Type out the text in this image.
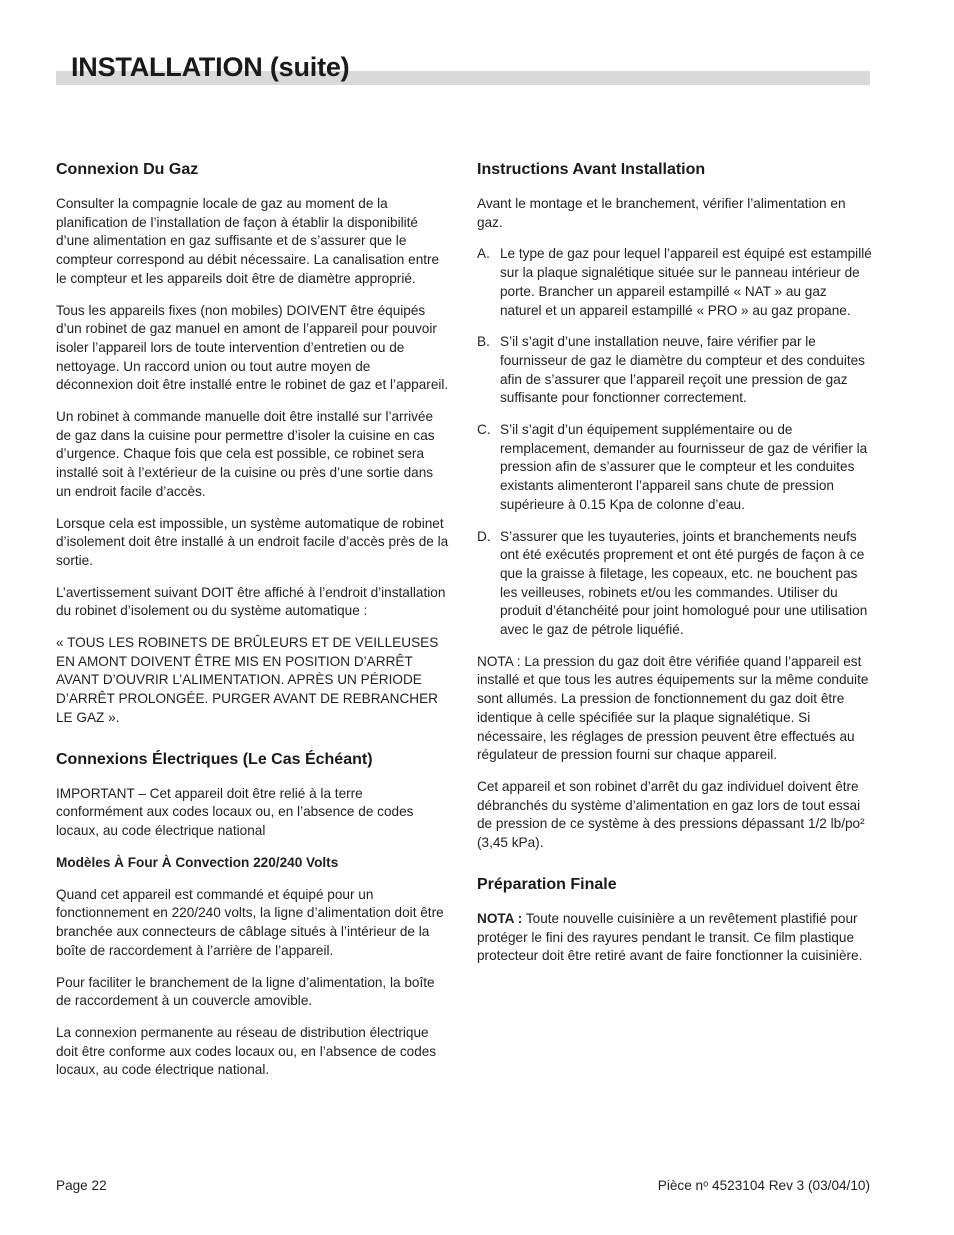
INSTALLATION (suite)
Connexion Du Gaz

Consulter la compagnie locale de gaz au moment de la planification de l’installation de façon à établir la disponibilité d’une alimentation en gaz suffisante et de s’assurer que le compteur correspond au débit nécessaire. La canalisation entre le compteur et les appareils doit être de diamètre approprié.

Tous les appareils fixes (non mobiles) DOIVENT être équipés d’un robinet de gaz manuel en amont de l’appareil pour pouvoir isoler l’appareil lors de toute intervention d’entretien ou de nettoyage. Un raccord union ou tout autre moyen de déconnexion doit être installé entre le robinet de gaz et l’appareil.

Un robinet à commande manuelle doit être installé sur l’arrivée de gaz dans la cuisine pour permettre d’isoler la cuisine en cas d’urgence. Chaque fois que cela est possible, ce robinet sera installé soit à l’extérieur de la cuisine ou près d’une sortie dans un endroit facile d’accès.

Lorsque cela est impossible, un système automatique de robinet d’isolement doit être installé à un endroit facile d’accès près de la sortie.

L’avertissement suivant DOIT être affiché à l’endroit d’installation du robinet d’isolement ou du système automatique :

« TOUS LES ROBINETS DE BRÛLEURS ET DE VEILLEUSES EN AMONT DOIVENT ÊTRE MIS EN POSITION D’ARRÊT AVANT D’OUVRIR L’ALIMENTATION. APRÈS UN PÉRIODE D’ARRÊT PROLONGÉE. PURGER AVANT DE REBRANCHER LE GAZ ».

Connexions Électriques (Le Cas Échéant)

IMPORTANT – Cet appareil doit être relié à la terre conformément aux codes locaux ou, en l’absence de codes locaux, au code électrique national

Modèles À Four À Convection 220/240 Volts

Quand cet appareil est commandé et équipé pour un fonctionnement en 220/240 volts, la ligne d’alimentation doit être branchée aux connecteurs de câblage situés à l’intérieur de la boîte de raccordement à l’arrière de l’appareil.

Pour faciliter le branchement de la ligne d’alimentation, la boîte de raccordement à un couvercle amovible.

La connexion permanente au réseau de distribution électrique doit être conforme aux codes locaux ou, en l’absence de codes locaux, au code électrique national.

Instructions Avant Installation

Avant le montage et le branchement, vérifier l’alimentation en gaz.

A. Le type de gaz pour lequel l’appareil est équipé est estampillé sur la plaque signalétique située sur le panneau intérieur de porte. Brancher un appareil estampillé « NAT » au gaz naturel et un appareil estampillé « PRO » au gaz propane.
B. S’il s’agit d’une installation neuve, faire vérifier par le fournisseur de gaz le diamètre du compteur et des conduites afin de s’assurer que l’appareil reçoit une pression de gaz suffisante pour fonctionner correctement.
C. S’il s’agit d’un équipement supplémentaire ou de remplacement, demander au fournisseur de gaz de vérifier la pression afin de s’assurer que le compteur et les conduites existants alimenteront l’appareil sans chute de pression supérieure à 0.15 Kpa de colonne d’eau.
D. S’assurer que les tuyauteries, joints et branchements neufs ont été exécutés proprement et ont été purgés de façon à ce que la graisse à filetage, les copeaux, etc. ne bouchent pas les veilleuses, robinets et/ou les commandes. Utiliser du produit d’étanchéité pour joint homologué pour une utilisation avec le gaz de pétrole liquéfié.

NOTA : La pression du gaz doit être vérifiée quand l’appareil est installé et que tous les autres équipements sur la même conduite sont allumés. La pression de fonctionnement du gaz doit être identique à celle spécifiée sur la plaque signalétique. Si nécessaire, les réglages de pression peuvent être effectués au régulateur de pression fourni sur chaque appareil.

Cet appareil et son robinet d’arrêt du gaz individuel doivent être débranchés du système d’alimentation en gaz lors de tout essai de pression de ce système à des pressions dépassant 1/2 lb/po² (3,45 kPa).

Préparation Finale

NOTA : Toute nouvelle cuisinière a un revêtement plastifié pour protéger le fini des rayures pendant le transit. Ce film plastique protecteur doit être retiré avant de faire fonctionner la cuisinière.

Page 22	Pièce nᵒ 4523104 Rev 3 (03/04/10)
